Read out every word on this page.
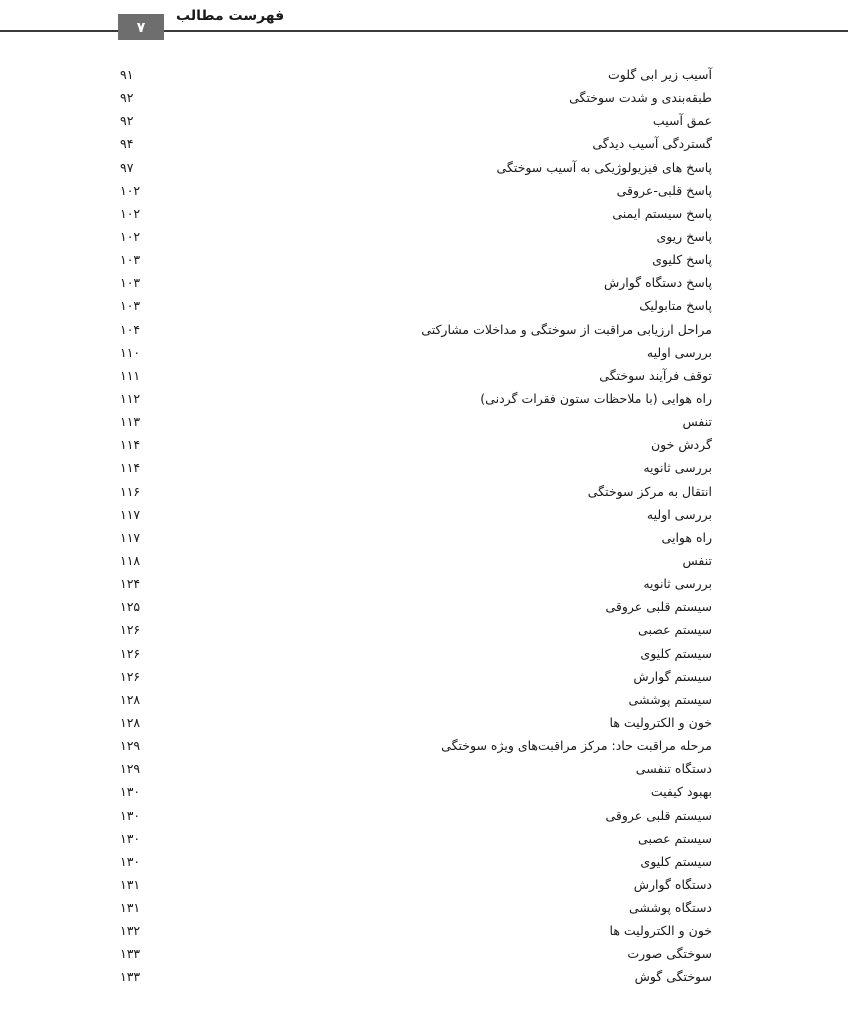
فهرست مطالب
۷
آسیب زیر ابی گلوت
۹۱
طبقه‌بندی و شدت سوختگی
۹۲
عمق آسیب
۹۲
گستردگی آسیب دیدگی
۹۴
پاسخ های فیزیولوژیکی به آسیب سوختگی
۹۷
پاسخ قلبی-عروقی
۱۰۲
پاسخ سیستم ایمنی
۱۰۲
پاسخ ریوی
۱۰۲
پاسخ کلیوی
۱۰۳
پاسخ دستگاه گوارش
۱۰۳
پاسخ متابولیک
۱۰۳
مراحل ارزیابی مراقبت از سوختگی و مداخلات مشارکتی
۱۰۴
بررسی اولیه
۱۱۰
توقف فرآیند سوختگی
۱۱۱
راه هوایی (با ملاحظات ستون فقرات گردنی)
۱۱۲
تنفس
۱۱۳
گردش خون
۱۱۴
بررسی ثانویه
۱۱۴
انتقال به مرکز سوختگی
۱۱۶
بررسی اولیه
۱۱۷
راه هوایی
۱۱۷
تنفس
۱۱۸
بررسی ثانویه
۱۲۴
سیستم قلبی عروقی
۱۲۵
سیستم عصبی
۱۲۶
سیستم کلیوی
۱۲۶
سیستم گوارش
۱۲۶
سیستم پوششی
۱۲۸
خون و الکترولیت ها
۱۲۸
مرحله مراقبت حاد: مرکز مراقبت‌های ویژه سوختگی
۱۲۹
دستگاه تنفسی
۱۲۹
بهبود کیفیت
۱۳۰
سیستم قلبی عروقی
۱۳۰
سیستم عصبی
۱۳۰
سیستم کلیوی
۱۳۰
دستگاه گوارش
۱۳۱
دستگاه پوششی
۱۳۱
خون و الکترولیت ها
۱۳۲
سوختگی صورت
۱۳۳
سوختگی گوش
۱۳۳
